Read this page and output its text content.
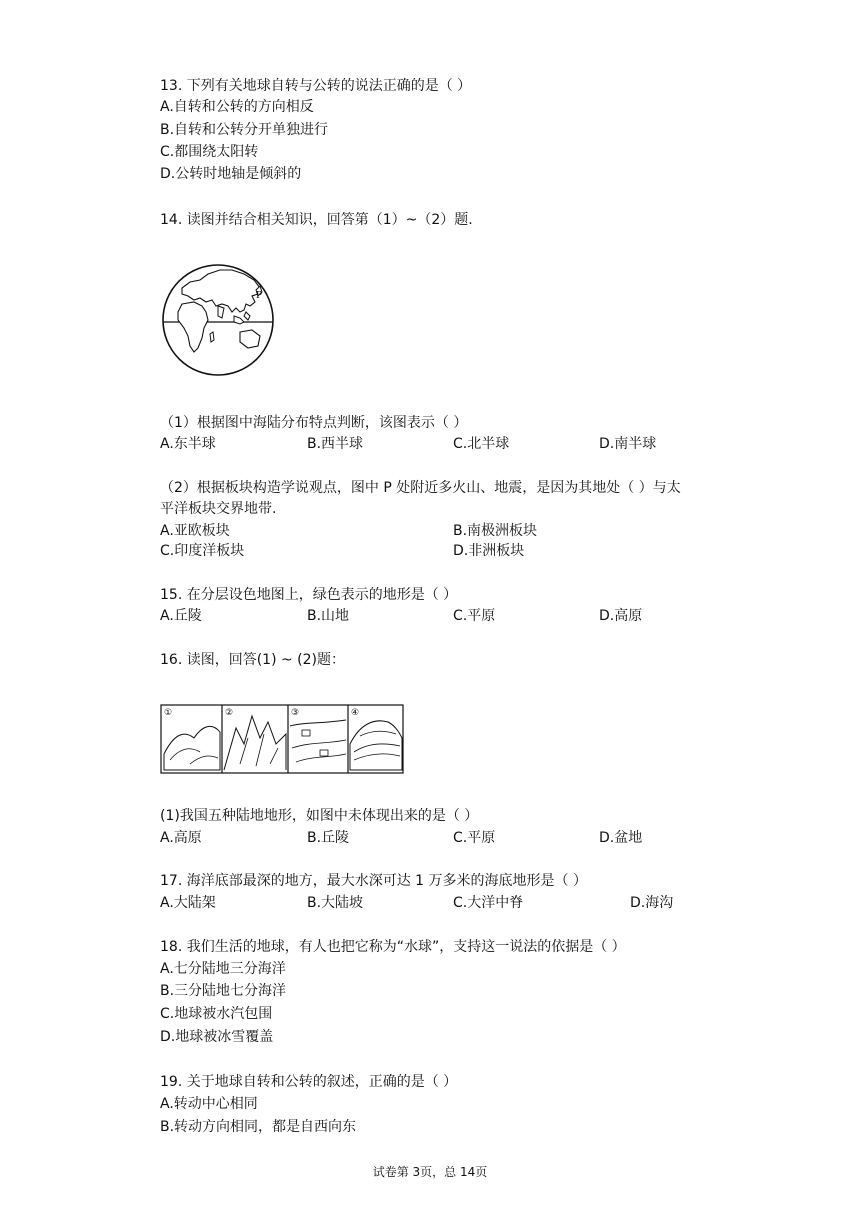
13. 下列有关地球自转与公转的说法正确的是（ ）
A.自转和公转的方向相反
B.自转和公转分开单独进行
C.都围绕太阳转
D.公转时地轴是倾斜的
14. 读图并结合相关知识，回答第（1）~（2）题.
P
（1）根据图中海陆分布特点判断，该图表示（ ）
A.东半球	B.西半球	C.北半球	D.南半球
（2）根据板块构造学说观点，图中 P 处附近多火山、地震，是因为其地处（ ）与太
平洋板块交界地带.
A.亚欧板块	B.南极洲板块
C.印度洋板块	D.非洲板块
15. 在分层设色地图上，绿色表示的地形是（ ）
A.丘陵	B.山地	C.平原	D.高原
16. 读图，回答(1) ~ (2)题：
①	②	③	④
(1)我国五种陆地地形，如图中未体现出来的是（ ）
A.高原	B.丘陵	C.平原	D.盆地
17. 海洋底部最深的地方，最大水深可达 1 万多米的海底地形是（ ）
A.大陆架	B.大陆坡	C.大洋中脊	D.海沟
18. 我们生活的地球，有人也把它称为“水球”，支持这一说法的依据是（ ）
A.七分陆地三分海洋
B.三分陆地七分海洋
C.地球被水汽包围
D.地球被冰雪覆盖
19. 关于地球自转和公转的叙述，正确的是（ ）
A.转动中心相同
B.转动方向相同，都是自西向东
试卷第 3页，总 14页
